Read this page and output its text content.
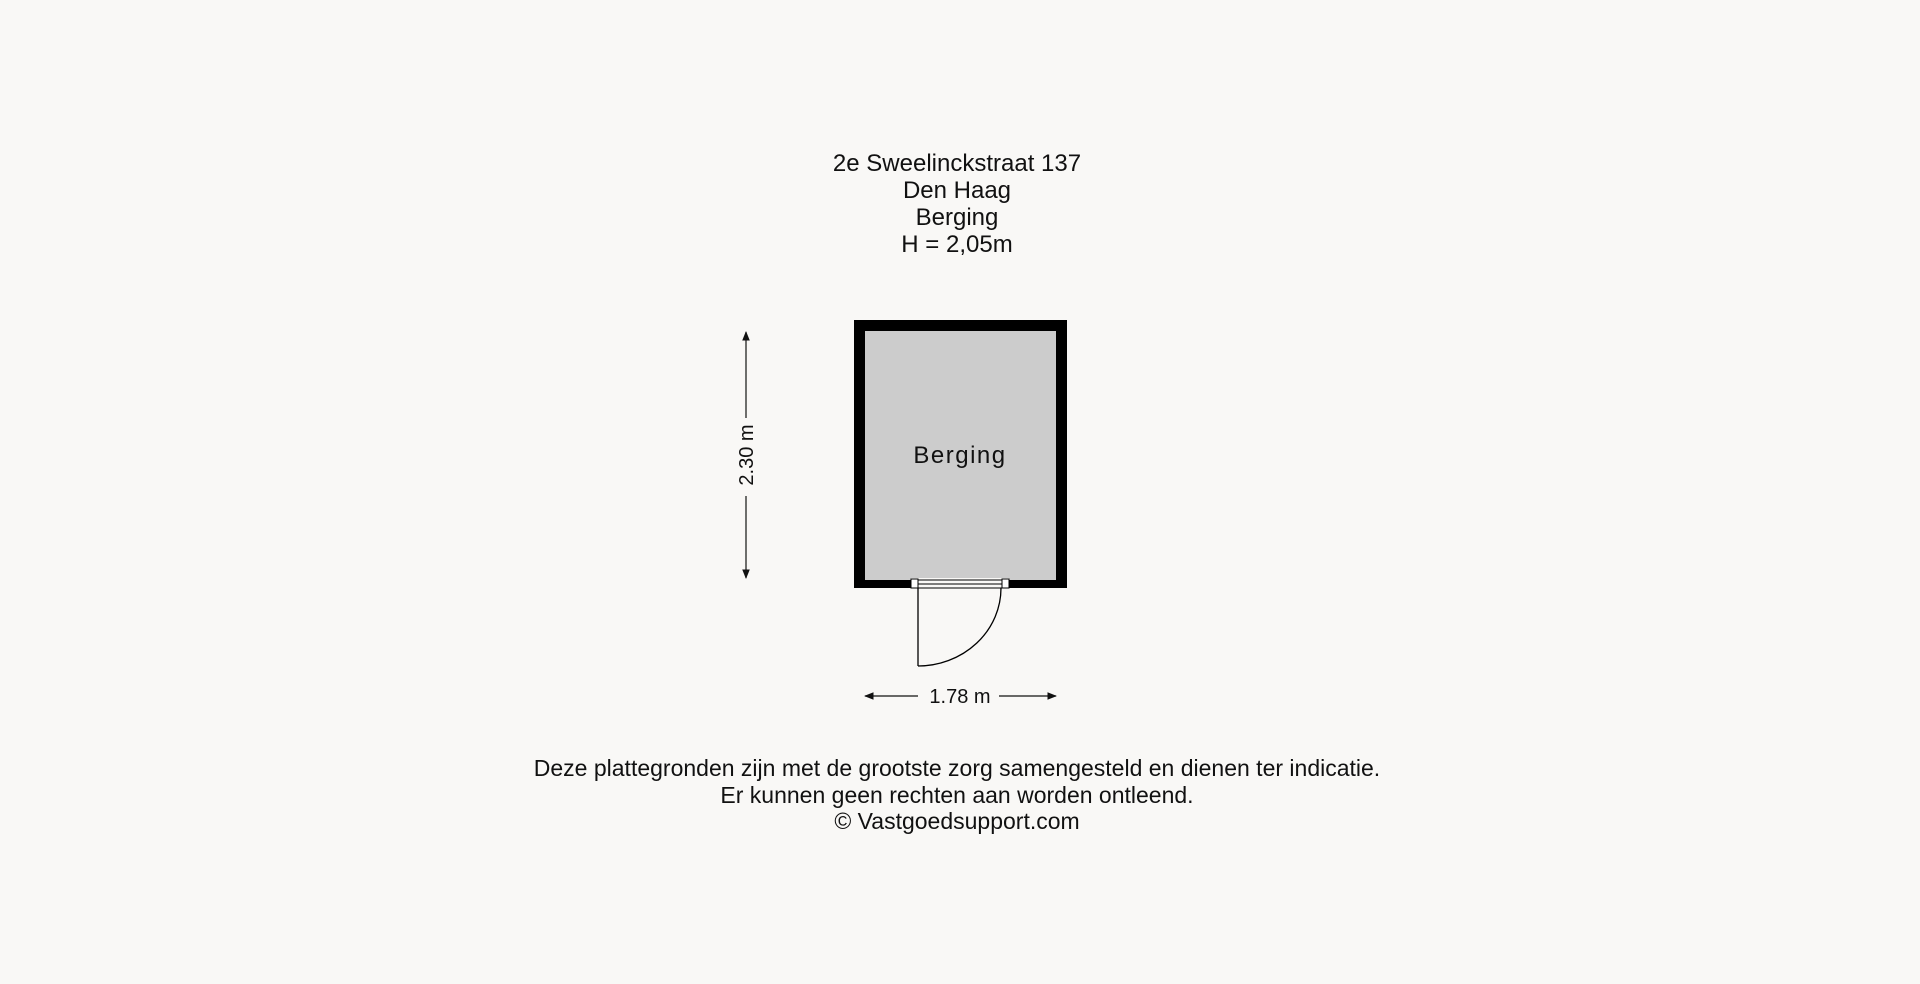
2e Sweelinckstraat 137
Den Haag
Berging
H = 2,05m
Berging
2.30 m
1.78 m
Deze plattegronden zijn met de grootste zorg samengesteld en dienen ter indicatie.
Er kunnen geen rechten aan worden ontleend.
© Vastgoedsupport.com
